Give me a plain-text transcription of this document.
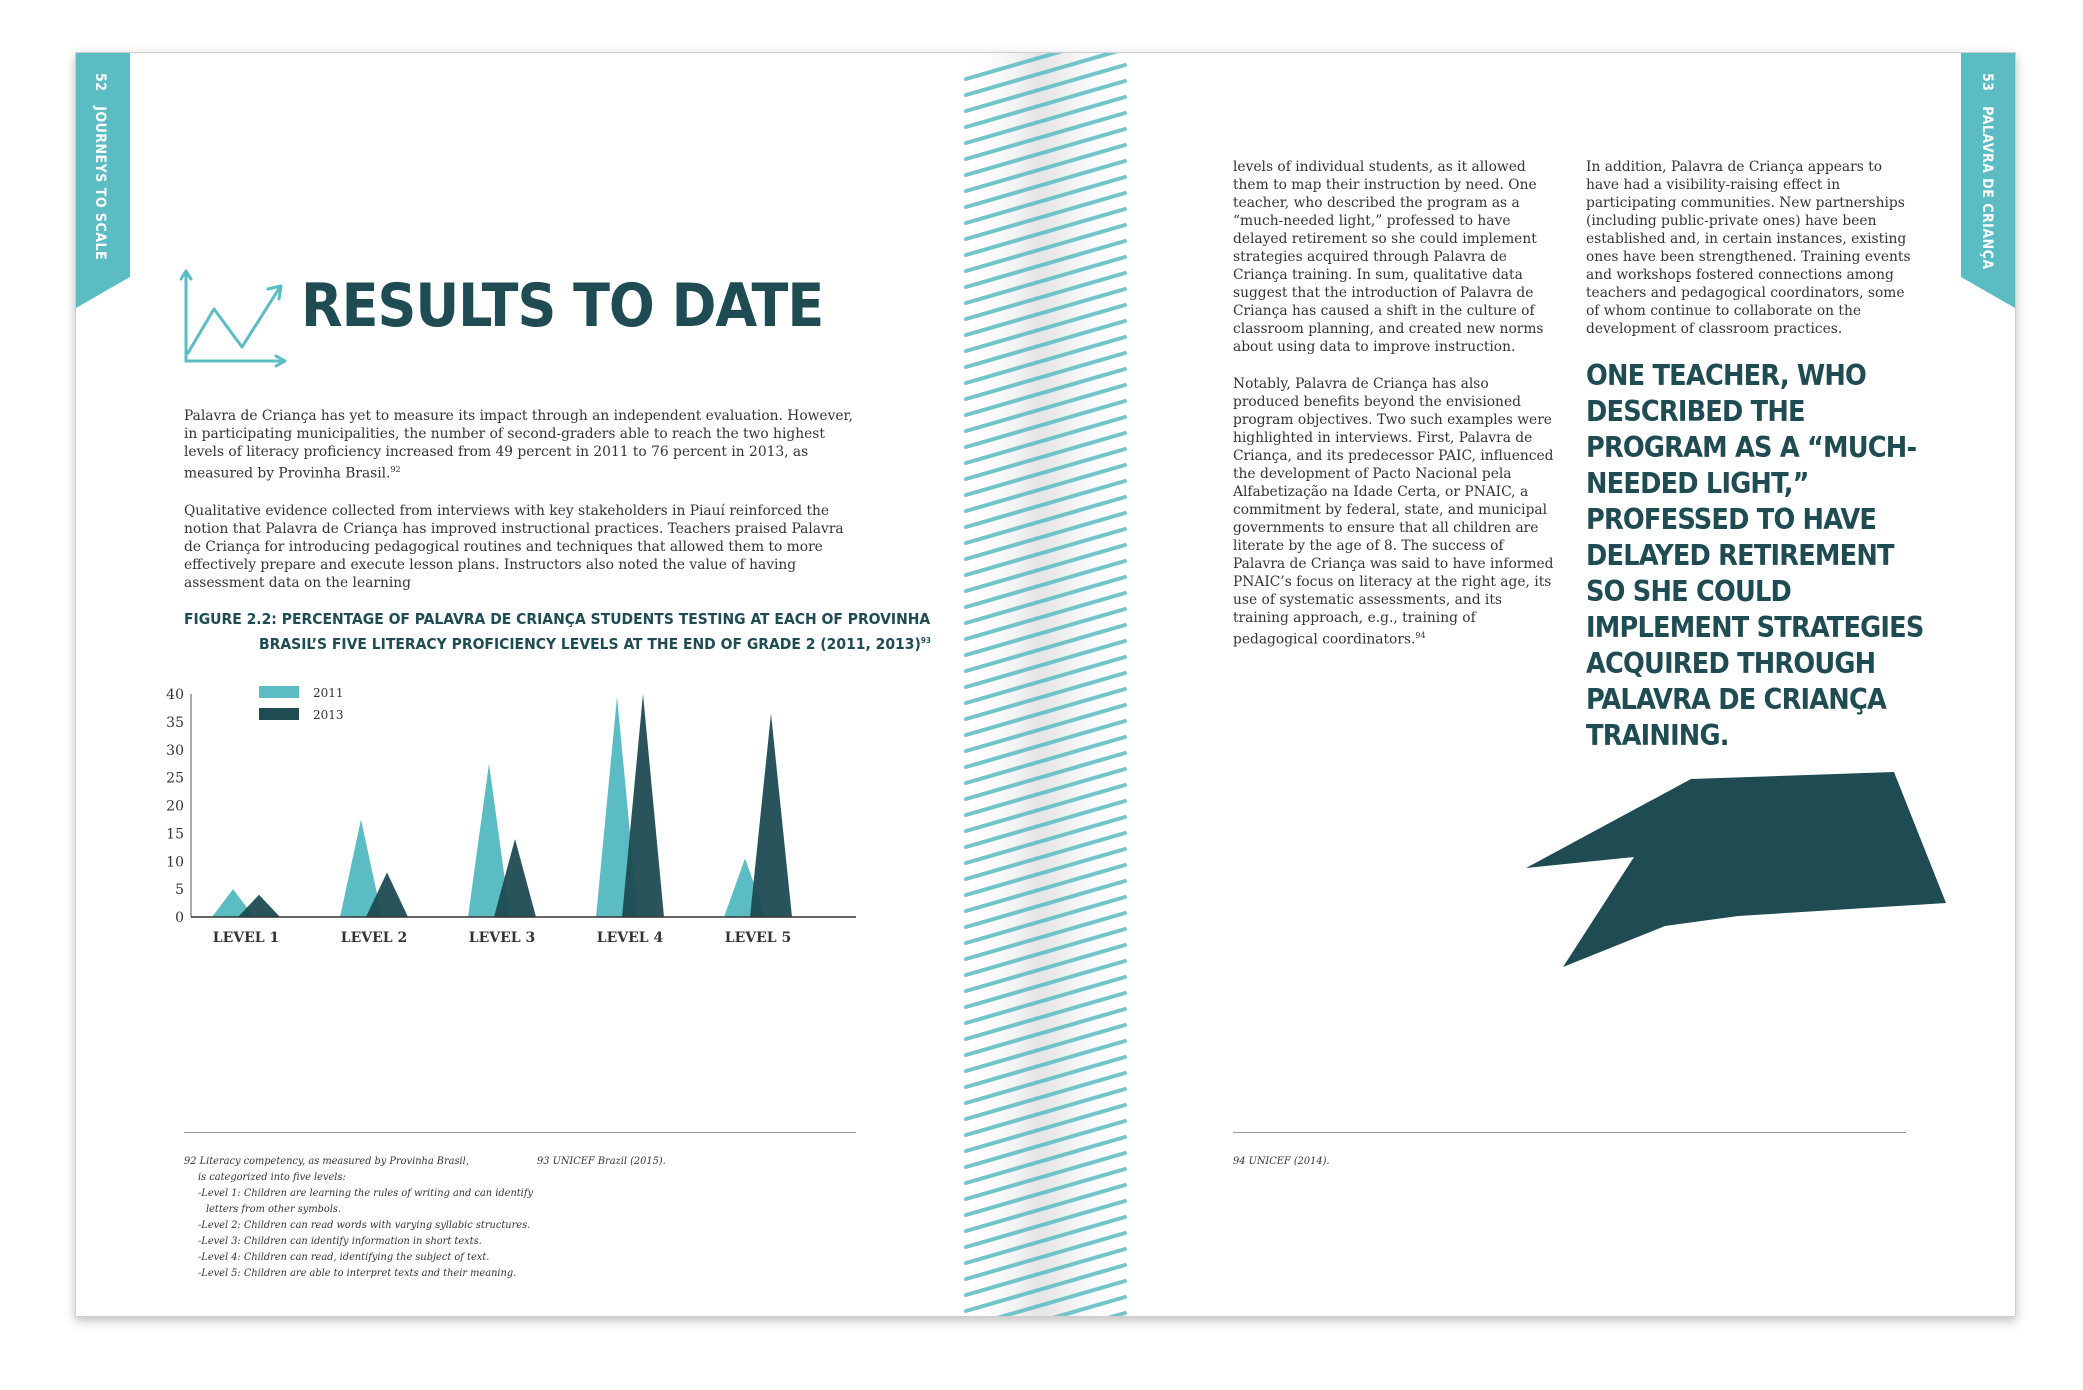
52   JOURNEYS TO SCALE
53   PALAVRA DE CRIANÇA
RESULTS TO DATE

Palavra de Criança has yet to measure its impact through an independent evaluation. However, in participating municipalities, the number of second-graders able to reach the two highest levels of literacy proficiency increased from 49 percent in 2011 to 76 percent in 2013, as measured by Provinha Brasil.$^{92}$

Qualitative evidence collected from interviews with key stakeholders in Piauí reinforced the notion that Palavra de Criança has improved instructional practices. Teachers praised Palavra de Criança for introducing pedagogical routines and techniques that allowed them to more effectively prepare and execute lesson plans. Instructors also noted the value of having assessment data on the learning

FIGURE 2.2: PERCENTAGE OF PALAVRA DE CRIANÇA STUDENTS TESTING AT EACH OF PROVINHA
BRASIL’S FIVE LITERACY PROFICIENCY LEVELS AT THE END OF GRADE 2 (2011, 2013)$^{93}$
0
5
10
15
20
25
30
35
40
LEVEL 1	LEVEL 2	LEVEL 3	LEVEL 4	LEVEL 5
2011
2013

levels of individual students, as it allowed them to map their instruction by need. One teacher, who described the program as a “much-needed light,” professed to have delayed retirement so she could implement strategies acquired through Palavra de Criança training. In sum, qualitative data suggest that the introduction of Palavra de Criança has caused a shift in the culture of classroom planning, and created new norms about using data to improve instruction.

Notably, Palavra de Criança has also produced benefits beyond the envisioned program objectives. Two such examples were highlighted in interviews. First, Palavra de Criança, and its predecessor PAIC, influenced the development of Pacto Nacional pela Alfabetização na Idade Certa, or PNAIC, a commitment by federal, state, and municipal governments to ensure that all children are literate by the age of 8. The success of Palavra de Criança was said to have informed PNAIC’s focus on literacy at the right age, its use of systematic assessments, and its training approach, e.g., training of pedagogical coordinators.$^{94}$

In addition, Palavra de Criança appears to have had a visibility-raising effect in participating communities. New partnerships (including public-private ones) have been established and, in certain instances, existing ones have been strengthened. Training events and workshops fostered connections among teachers and pedagogical coordinators, some of whom continue to collaborate on the development of classroom practices.

ONE TEACHER, WHO DESCRIBED THE PROGRAM AS A “MUCH-NEEDED LIGHT,” PROFESSED TO HAVE DELAYED RETIREMENT SO SHE COULD IMPLEMENT STRATEGIES ACQUIRED THROUGH PALAVRA DE CRIANÇA TRAINING.
92 Literacy competency, as measured by Provinha Brasil,
is categorized into five levels:
-Level 1: Children are learning the rules of writing and can identify
letters from other symbols.
-Level 2: Children can read words with varying syllabic structures.
-Level 3: Children can identify information in short texts.
-Level 4: Children can read, identifying the subject of text.
-Level 5: Children are able to interpret texts and their meaning.
93 UNICEF Brazil (2015).	94 UNICEF (2014).
